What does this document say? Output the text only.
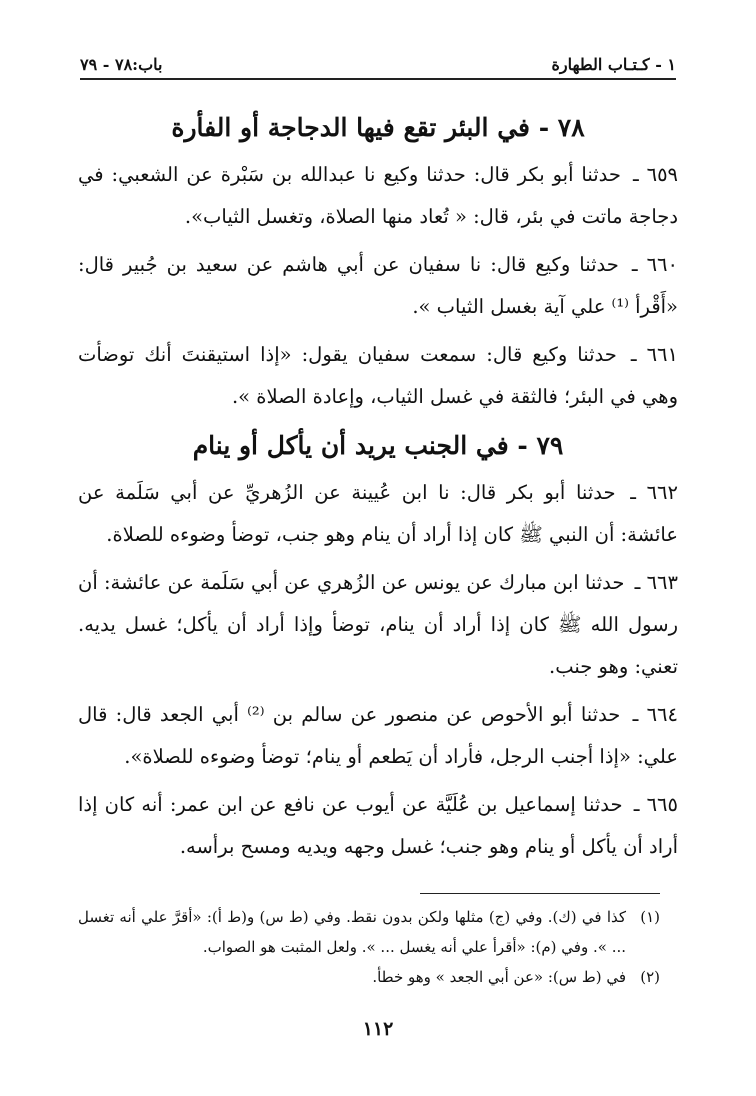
١ - كـتـاب الطهارة
باب:٧٨ - ٧٩
٧٨ - في البئر تقع فيها الدجاجة أو الفأرة

٦٥٩ ـ حدثنا أبو بكر قال: حدثنا وكيع نا عبدالله بن سَبْرة عن الشعبي: في دجاجة ماتت في بئر، قال: « تُعاد منها الصلاة، وتغسل الثياب».

٦٦٠ ـ حدثنا وكيع قال: نا سفيان عن أبي هاشم عن سعيد بن جُبير قال: «أَقْرأ ⁽¹⁾ علي آية بغسل الثياب ».

٦٦١ ـ حدثنا وكيع قال: سمعت سفيان يقول: «إذا استيقنتَ أنك توضأت وهي في البئر؛ فالثقة في غسل الثياب، وإعادة الصلاة ».

٧٩ - في الجنب يريد أن يأكل أو ينام

٦٦٢ ـ حدثنا أبو بكر قال: نا ابن عُيينة عن الزُهريِّ عن أبي سَلَمة عن عائشة: أن النبي ﷺ كان إذا أراد أن ينام وهو جنب، توضأ وضوءه للصلاة.

٦٦٣ ـ حدثنا ابن مبارك عن يونس عن الزُهري عن أبي سَلَمة عن عائشة: أن رسول الله ﷺ كان إذا أراد أن ينام، توضأ وإذا أراد أن يأكل؛ غسل يديه. تعني: وهو جنب.

٦٦٤ ـ حدثنا أبو الأحوص عن منصور عن سالم بن ⁽²⁾ أبي الجعد قال: قال علي: «إذا أجنب الرجل، فأراد أن يَطعم أو ينام؛ توضأ وضوءه للصلاة».

٦٦٥ ـ حدثنا إسماعيل بن عُلَيَّة عن أيوب عن نافع عن ابن عمر: أنه كان إذا أراد أن يأكل أو ينام وهو جنب؛ غسل وجهه ويديه ومسح برأسه.

(١)
كذا في (ك). وفي (ج) مثلها ولكن بدون نقط. وفي (ط س) و(ط أ): «أقرَّ علي أنه تغسل ... ». وفي (م): «أقرأ علي أنه يغسل ... ». ولعل المثبت هو الصواب.
(٢)
في (ط س): «عن أبي الجعد » وهو خطأ.
١١٢
